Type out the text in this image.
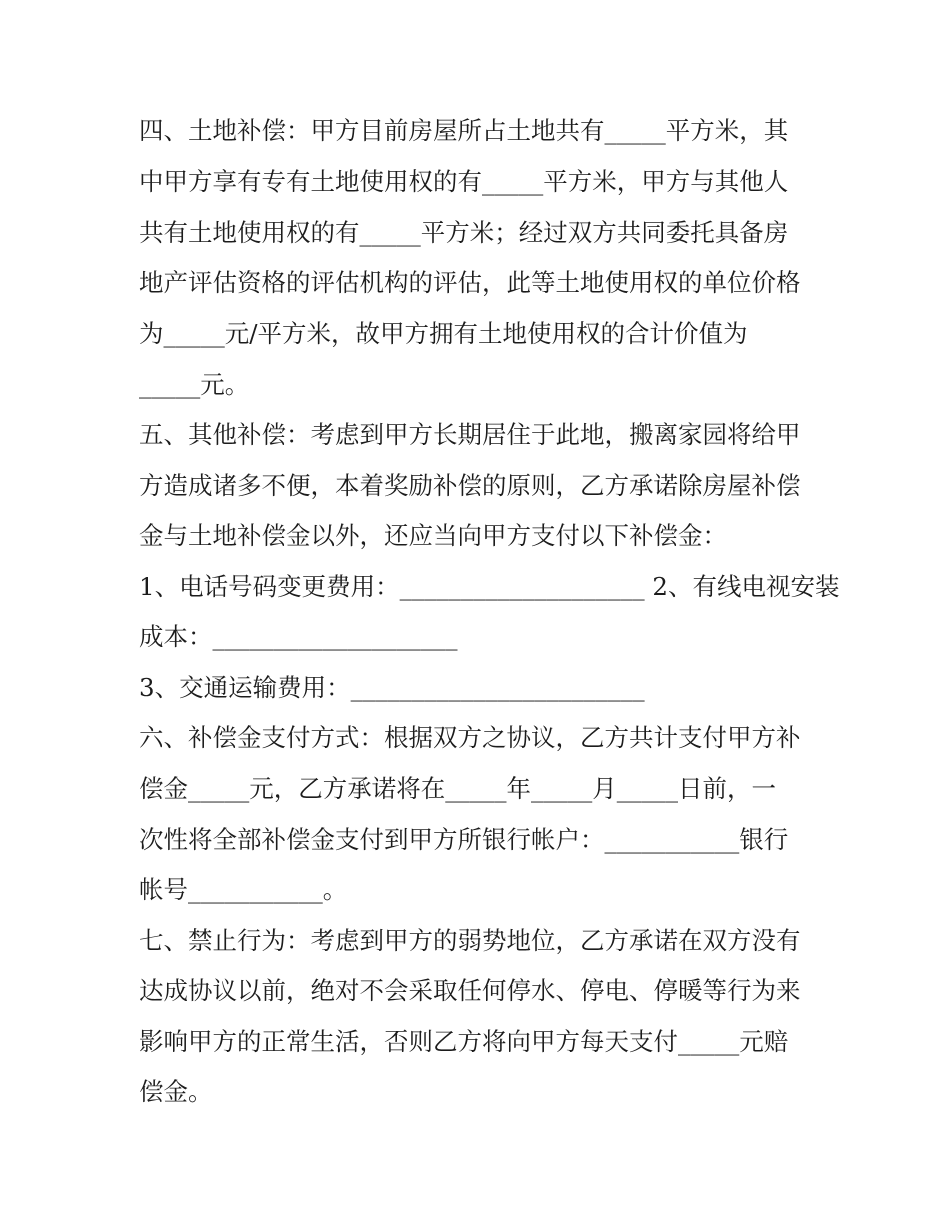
四、土地补偿：甲方目前房屋所占土地共有_____平方米，其
中甲方享有专有土地使用权的有_____平方米，甲方与其他人
共有土地使用权的有_____平方米；经过双方共同委托具备房
地产评估资格的评估机构的评估，此等土地使用权的单位价格
为_____元/平方米，故甲方拥有土地使用权的合计价值为
_____元。
五、其他补偿：考虑到甲方长期居住于此地，搬离家园将给甲
方造成诸多不便，本着奖励补偿的原则，乙方承诺除房屋补偿
金与土地补偿金以外，还应当向甲方支付以下补偿金：
1、电话号码变更费用：____________________ 2、有线电视安装
成本：____________________
3、交通运输费用：________________________
六、补偿金支付方式：根据双方之协议，乙方共计支付甲方补
偿金_____元，乙方承诺将在_____年_____月_____日前，一
次性将全部补偿金支付到甲方所银行帐户：___________银行
帐号___________。
七、禁止行为：考虑到甲方的弱势地位，乙方承诺在双方没有
达成协议以前，绝对不会采取任何停水、停电、停暖等行为来
影响甲方的正常生活，否则乙方将向甲方每天支付_____元赔
偿金。
